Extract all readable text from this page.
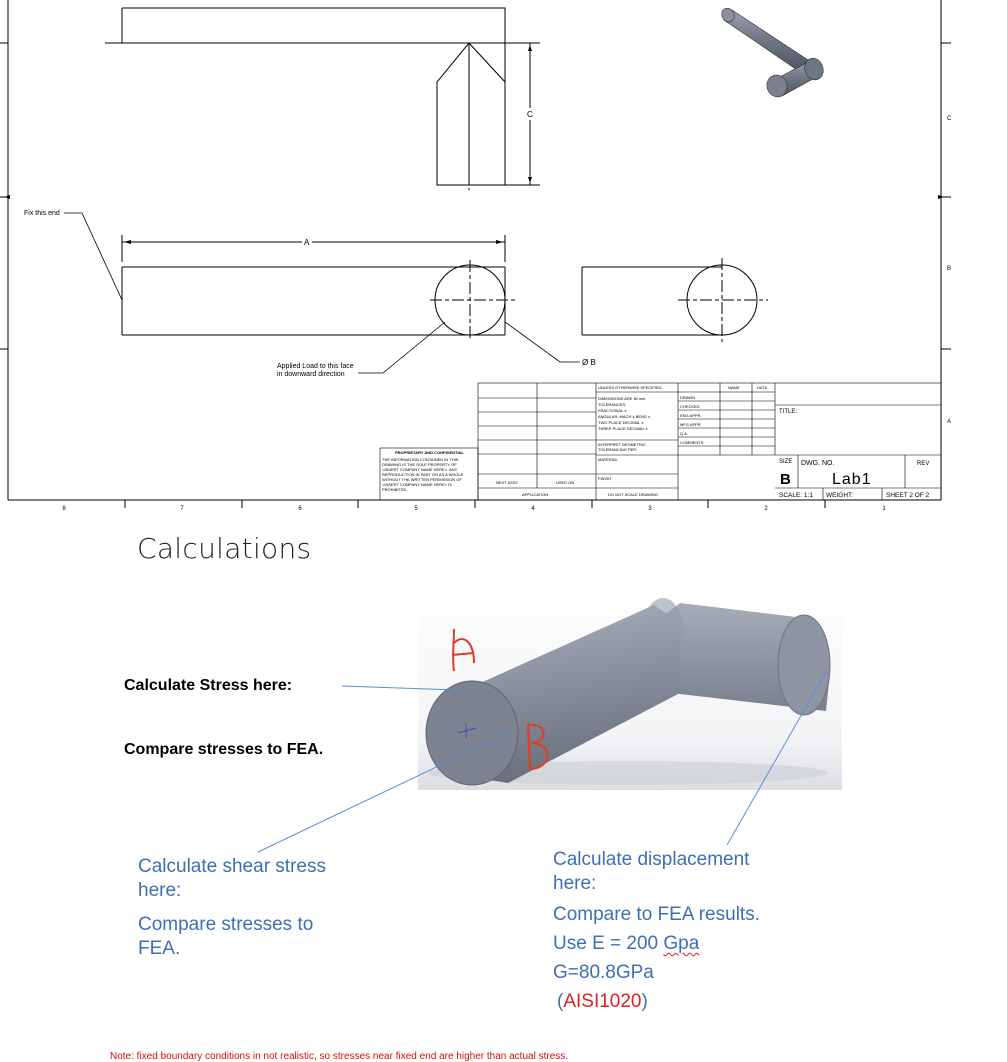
8	7	6	5	4	3	2	1
C
B
A
C
A
Fix this end
Applied Load to this face
in downward direction
Ø B
UNLESS OTHERWISE SPECIFIED:	NAME	DATE
DIMENSIONS ARE IN mm
TOLERANCES:
FRACTIONAL ±
ANGULAR: MACH ± BEND ±
TWO PLACE DECIMAL ±
THREE PLACE DECIMAL ±
INTERPRET GEOMETRIC
TOLERANCING PER:
MATERIAL
FINISH
DRAWN
CHECKED
ENG APPR.
MFG APPR.
Q.A.
COMMENTS:
NEXT ASSY	USED ON
APPLICATION	DO NOT SCALE DRAWING
PROPRIETARY AND CONFIDENTIAL
THE INFORMATION CONTAINED IN THIS
DRAWING IS THE SOLE PROPERTY OF
<INSERT COMPANY NAME HERE>. ANY
REPRODUCTION IN PART OR AS A WHOLE
WITHOUT THE WRITTEN PERMISSION OF
<INSERT COMPANY NAME HERE> IS
PROHIBITED.
TITLE:
SIZE
B
DWG. NO.
Lab1
REV
SCALE: 1:1 WEIGHT:	SHEET 2 OF 2
Calculations
Calculate Stress here:
Compare stresses to FEA.
Calculate shear stress
here:
Compare stresses to
FEA.
Calculate displacement
here:
Compare to FEA results.
Use E = 200 Gpa
G=80.8GPa
(AISI1020)
Note: fixed boundary conditions in not realistic, so stresses near fixed end are higher than actual stress.
